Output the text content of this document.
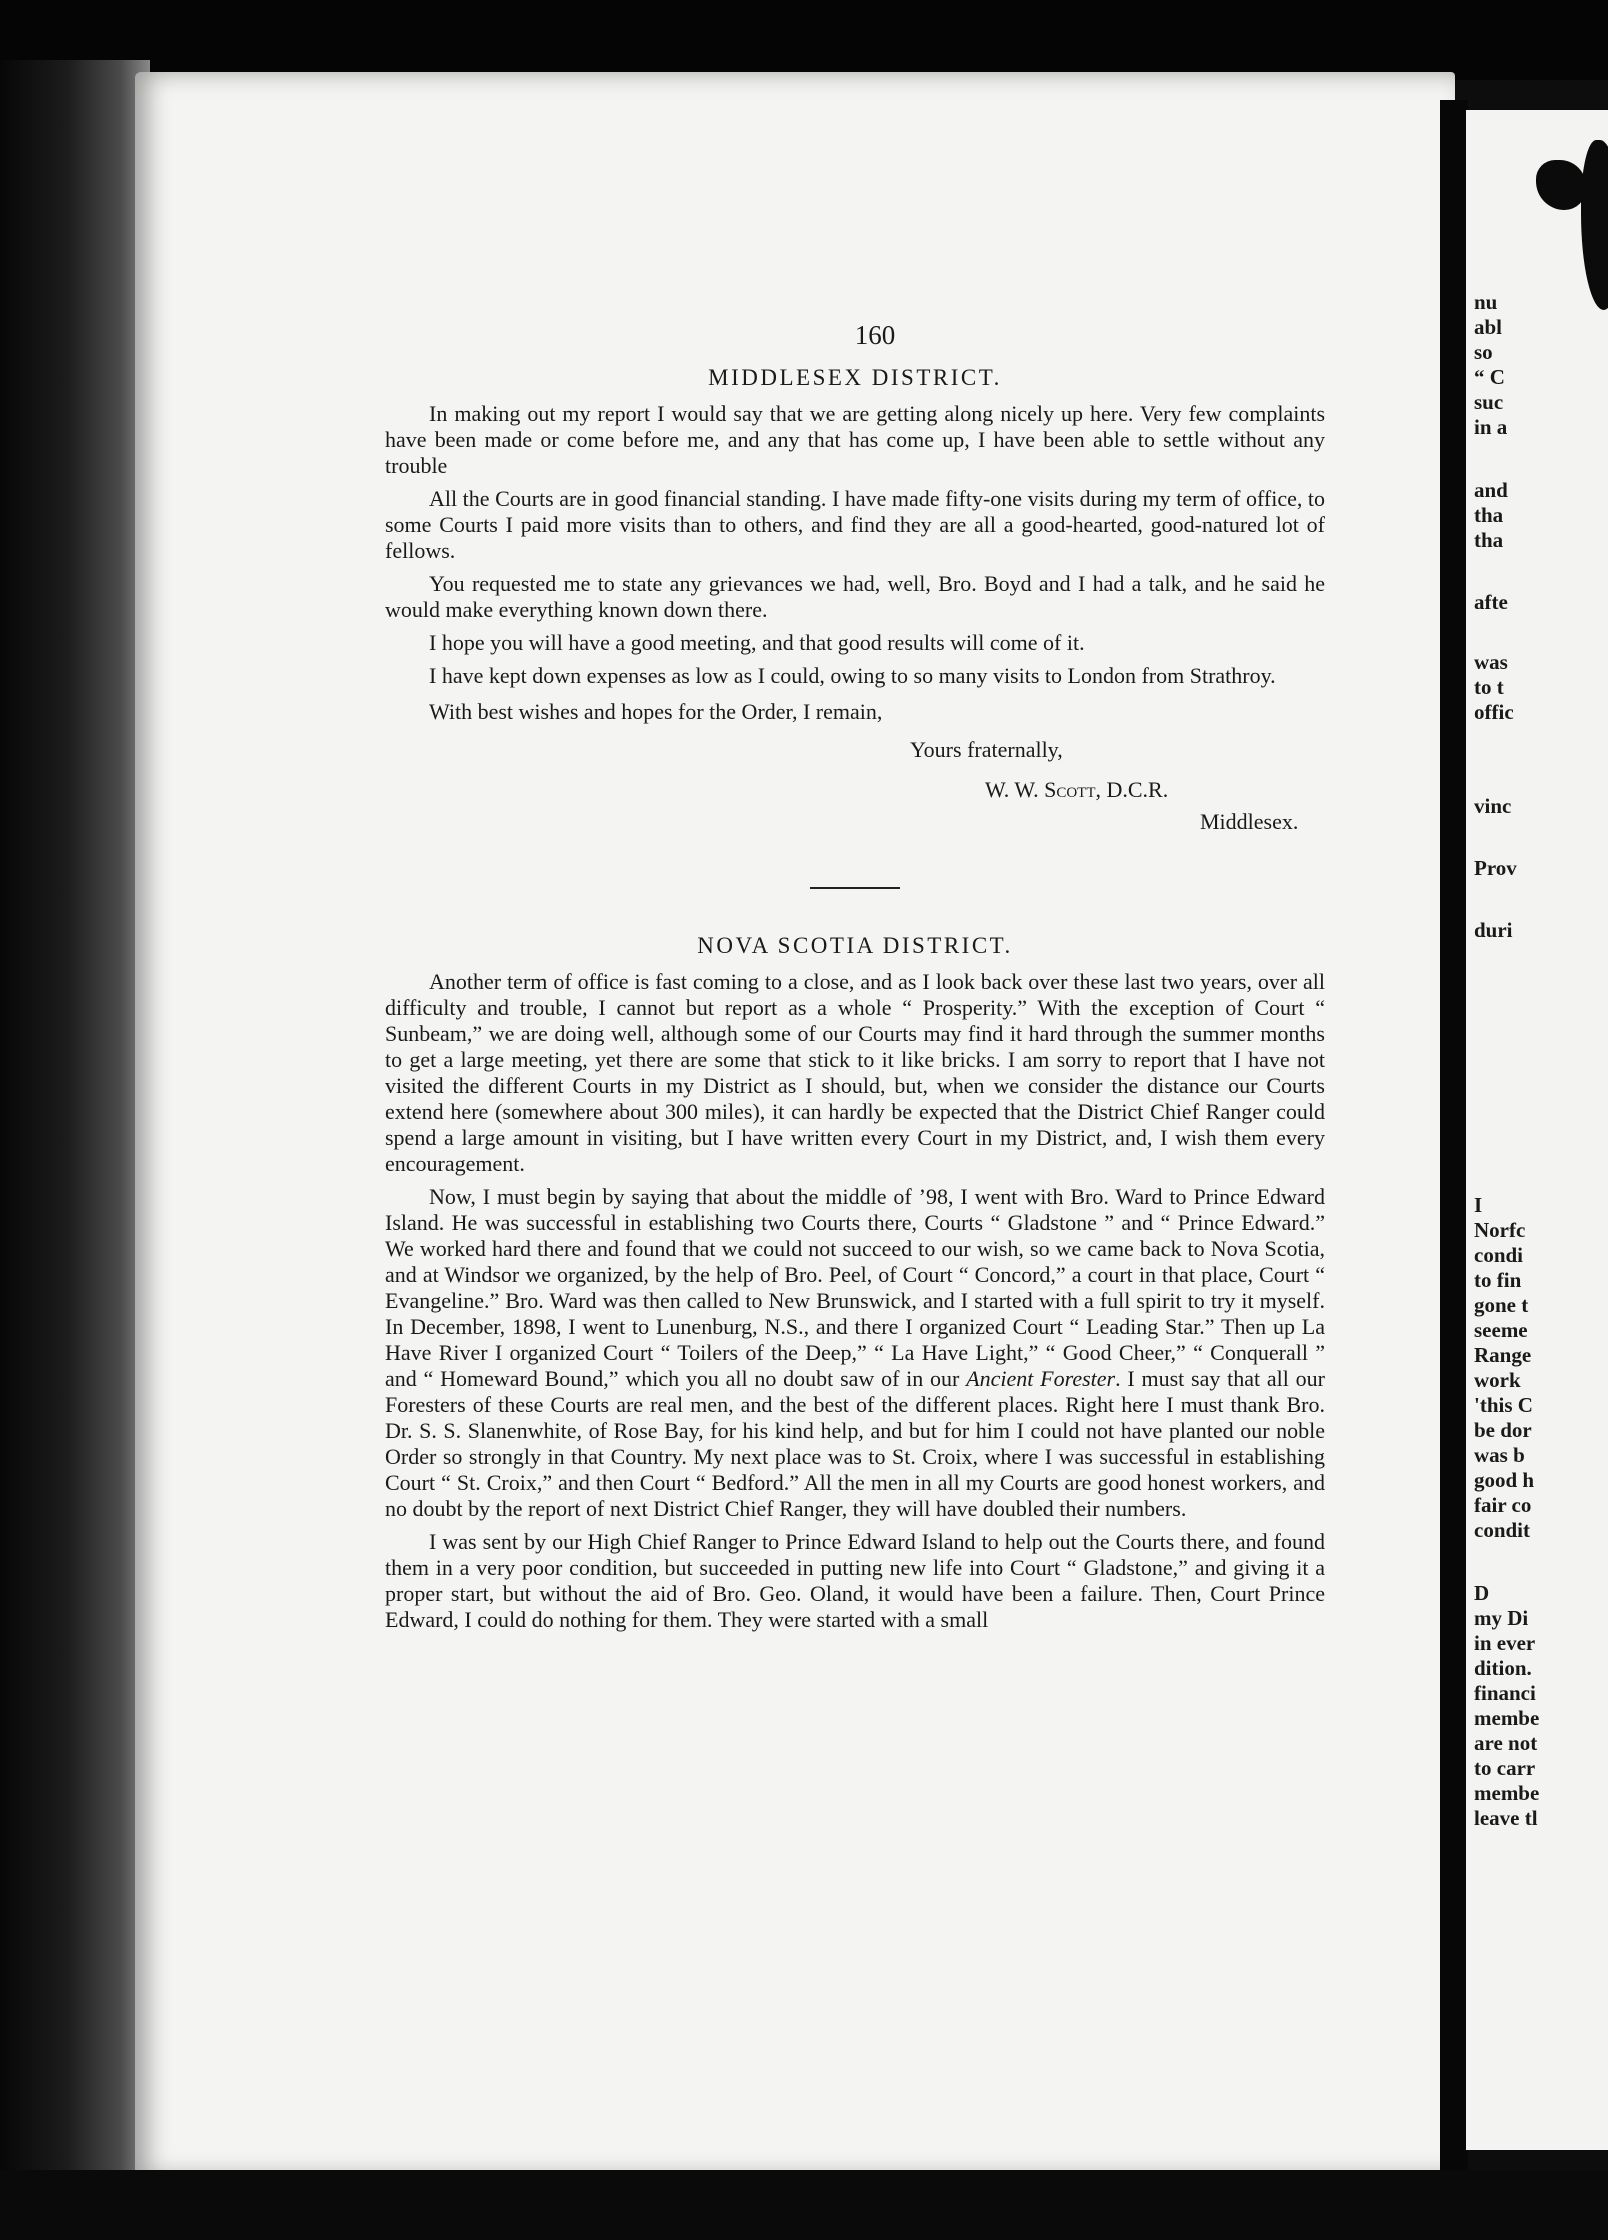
160
MIDDLESEX DISTRICT.

In making out my report I would say that we are getting along nicely up here. Very few complaints have been made or come before me, and any that has come up, I have been able to settle without any trouble

All the Courts are in good financial standing. I have made fifty-one visits during my term of office, to some Courts I paid more visits than to others, and find they are all a good-hearted, good-natured lot of fellows.

You requested me to state any grievances we had, well, Bro. Boyd and I had a talk, and he said he would make everything known down there.

I hope you will have a good meeting, and that good results will come of it.

I have kept down expenses as low as I could, owing to so many visits to London from Strathroy.

With best wishes and hopes for the Order, I remain,

Yours fraternally,

W. W. Scott, D.C.R.

Middlesex.

NOVA SCOTIA DISTRICT.

Another term of office is fast coming to a close, and as I look back over these last two years, over all difficulty and trouble, I cannot but report as a whole “ Prosperity.” With the exception of Court “ Sunbeam,” we are doing well, although some of our Courts may find it hard through the summer months to get a large meeting, yet there are some that stick to it like bricks. I am sorry to report that I have not visited the different Courts in my District as I should, but, when we consider the distance our Courts extend here (somewhere about 300 miles), it can hardly be expected that the District Chief Ranger could spend a large amount in visiting, but I have written every Court in my District, and, I wish them every encouragement.

Now, I must begin by saying that about the middle of ’98, I went with Bro. Ward to Prince Edward Island. He was successful in establishing two Courts there, Courts “ Gladstone ” and “ Prince Edward.” We worked hard there and found that we could not succeed to our wish, so we came back to Nova Scotia, and at Windsor we organized, by the help of Bro. Peel, of Court “ Concord,” a court in that place, Court “ Evangeline.” Bro. Ward was then called to New Brunswick, and I started with a full spirit to try it myself. In December, 1898, I went to Lunenburg, N.S., and there I organized Court “ Leading Star.” Then up La Have River I organized Court “ Toilers of the Deep,” “ La Have Light,” “ Good Cheer,” “ Conquerall ” and “ Homeward Bound,” which you all no doubt saw of in our Ancient Forester. I must say that all our Foresters of these Courts are real men, and the best of the different places. Right here I must thank Bro. Dr. S. S. Slanenwhite, of Rose Bay, for his kind help, and but for him I could not have planted our noble Order so strongly in that Country. My next place was to St. Croix, where I was successful in establishing Court “ St. Croix,” and then Court “ Bedford.” All the men in all my Courts are good honest workers, and no doubt by the report of next District Chief Ranger, they will have doubled their numbers.

I was sent by our High Chief Ranger to Prince Edward Island to help out the Courts there, and found them in a very poor condition, but succeeded in putting new life into Court “ Gladstone,” and giving it a proper start, but without the aid of Bro. Geo. Oland, it would have been a failure. Then, Court Prince Edward, I could do nothing for them. They were started with a small

nu
abl
so
“ C
suc
in a
and
tha
tha
afte
was
to t
offic
vinc
Prov
duri
I
Norfc
condi
to fin
gone t
seeme
Range
work
'this C
be dor
was b
good h
fair co
condit
D
my Di
in ever
dition.
financi
membe
are not
to carr
membe
leave tl
